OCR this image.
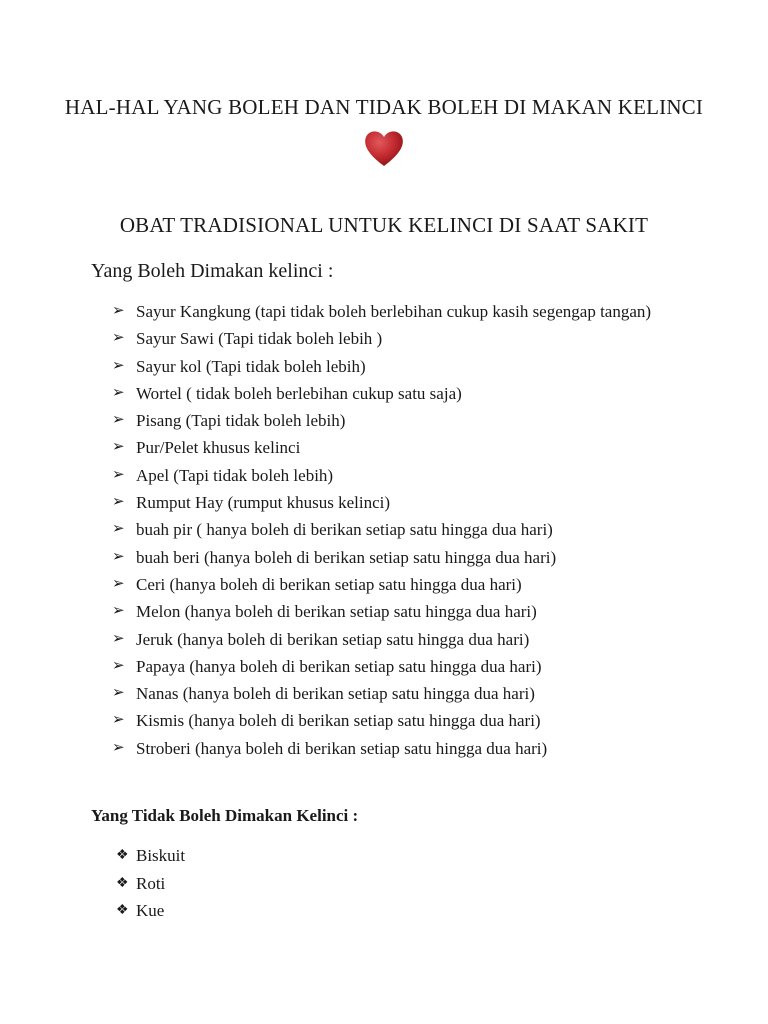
HAL-HAL YANG BOLEH DAN TIDAK BOLEH DI MAKAN KELINCI
OBAT TRADISIONAL UNTUK KELINCI DI SAAT SAKIT
Yang Boleh Dimakan kelinci :
➢ Sayur Kangkung (tapi tidak boleh berlebihan cukup kasih segengap tangan)
➢ Sayur Sawi (Tapi tidak boleh lebih )
➢ Sayur kol (Tapi tidak boleh lebih)
➢ Wortel ( tidak boleh berlebihan cukup satu saja)
➢ Pisang (Tapi tidak boleh lebih)
➢ Pur/Pelet khusus kelinci
➢ Apel (Tapi tidak boleh lebih)
➢ Rumput Hay (rumput khusus kelinci)
➢ buah pir ( hanya boleh di berikan setiap satu hingga dua hari)
➢ buah beri (hanya boleh di berikan setiap satu hingga dua hari)
➢ Ceri (hanya boleh di berikan setiap satu hingga dua hari)
➢ Melon (hanya boleh di berikan setiap satu hingga dua hari)
➢ Jeruk (hanya boleh di berikan setiap satu hingga dua hari)
➢ Papaya (hanya boleh di berikan setiap satu hingga dua hari)
➢ Nanas (hanya boleh di berikan setiap satu hingga dua hari)
➢ Kismis (hanya boleh di berikan setiap satu hingga dua hari)
➢ Stroberi (hanya boleh di berikan setiap satu hingga dua hari)
Yang Tidak Boleh Dimakan Kelinci :
❖ Biskuit
❖ Roti
❖ Kue
